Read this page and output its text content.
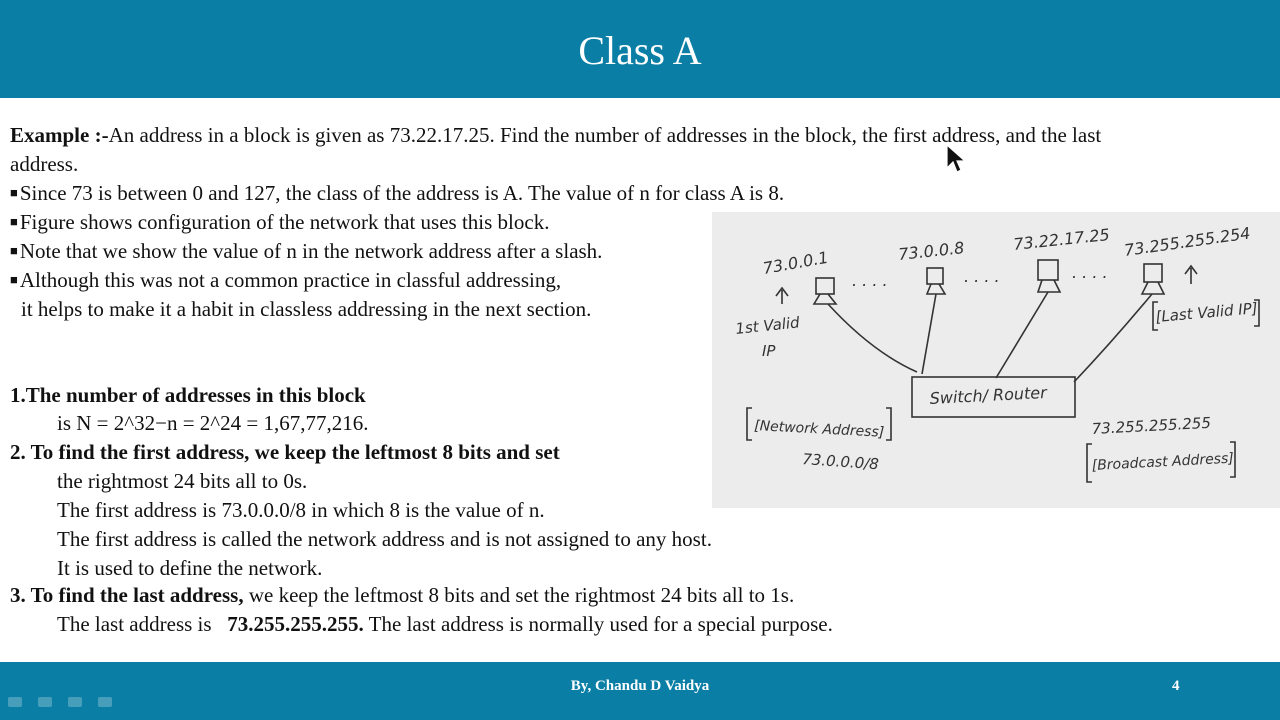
Class A
Example :-An address in a block is given as 73.22.17.25. Find the number of addresses in the block, the first address, and the last
address.
■Since 73 is between 0 and 127, the class of the address is A. The value of n for class A is 8.
■Figure shows configuration of the network that uses this block.
■Note that we show the value of n in the network address after a slash.
■Although this was not a common practice in classful addressing,
it helps to make it a habit in classless addressing in the next section.
1.The number of addresses in this block
is N = 2^32−n = 2^24 = 1,67,77,216.
2. To find the first address, we keep the leftmost 8 bits and set
the rightmost 24 bits all to 0s.
The first address is 73.0.0.0/8 in which 8 is the value of n.
The first address is called the network address and is not assigned to any host.
It is used to define the network.
3. To find the last address, we keep the leftmost 8 bits and set the rightmost 24 bits all to 1s.
The last address is   73.255.255.255. The last address is normally used for a special purpose.
73.0.0.1	73.0.0.8	73.22.17.25 73.255.255.254
. . . .	. . . .	. . . .
1st Valid
IP
[Last Valid IP]
Switch/ Router
[Network Address]
73.0.0.0/8
73.255.255.255
[Broadcast Address]
By, Chandu D Vaidya	4
